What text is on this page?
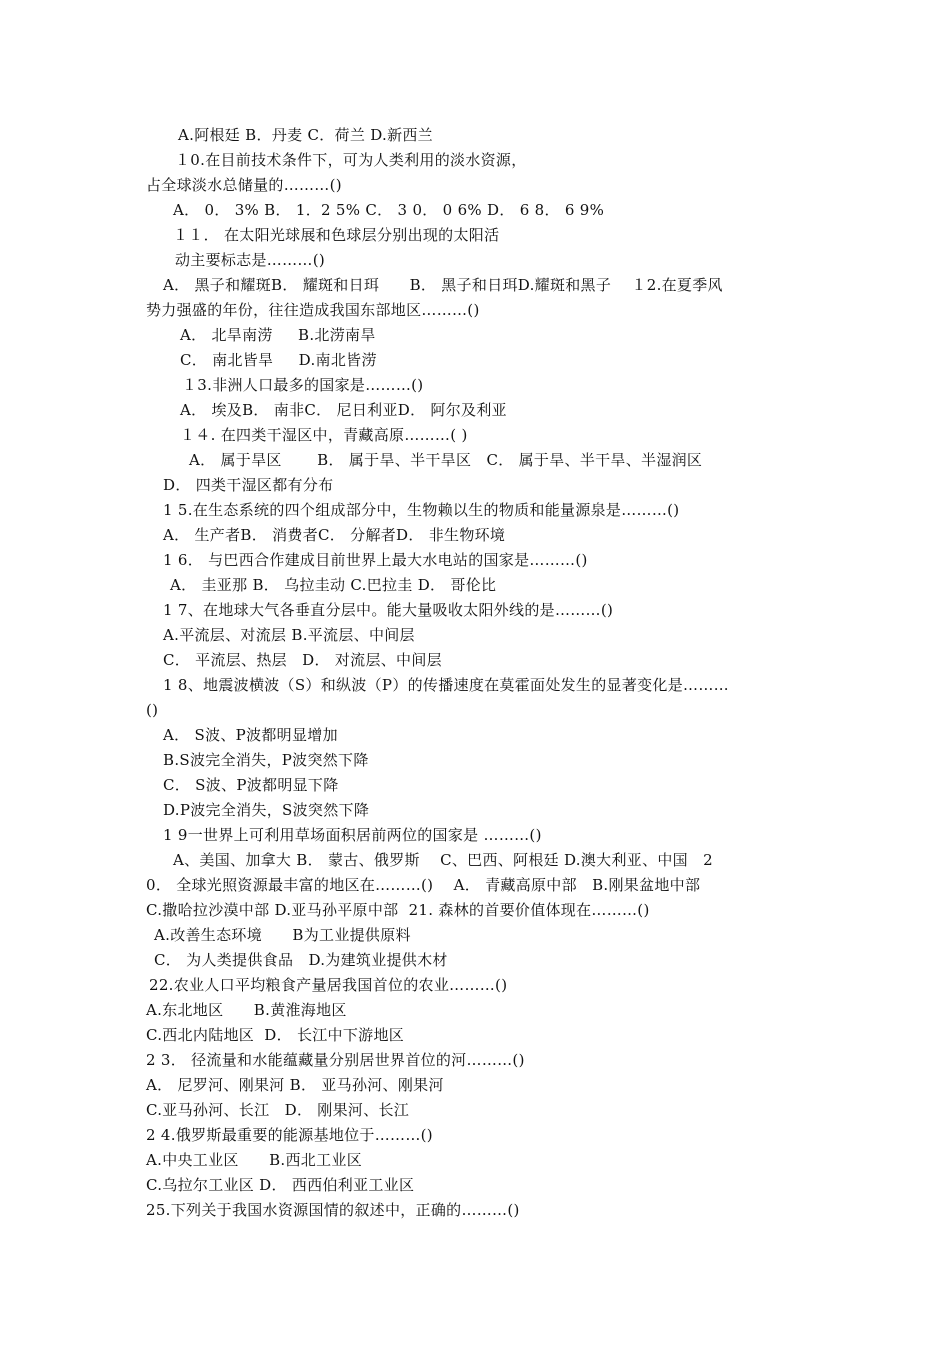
A.阿根廷 B．丹麦 C．荷兰 D.新西兰
１0.在目前技术条件下，可为人类利用的淡水资源，
占全球淡水总储量的………()
A． 0． 3% B． 1．2 5% C． 3 0． 0 6% D． 6 8． 6 9%
１１． 在太阳光球展和色球层分别出现的太阳活
动主要标志是………()
A． 黑子和耀斑B． 耀斑和日珥      B． 黑子和日珥D.耀斑和黑子    １2.在夏季风
势力强盛的年份，往往造成我国东部地区………()
A． 北旱南涝     B.北涝南旱
C． 南北皆旱     D.南北皆涝
１3.非洲人口最多的国家是………()
A． 埃及B． 南非C． 尼日利亚D． 阿尔及利亚
１４. 在四类干湿区中，青藏高原………( )
A． 属于旱区       B． 属于旱、半干旱区   C． 属于旱、半干旱、半湿润区
D． 四类干湿区都有分布
1 5.在生态系统的四个组成部分中，生物赖以生的物质和能量源泉是………()
A． 生产者B． 消费者C． 分解者D． 非生物环境
1 6． 与巴西合作建成目前世界上最大水电站的国家是………()
A． 圭亚那 B． 乌拉圭动 C.巴拉圭 D． 哥伦比
1 7、在地球大气各垂直分层中。能大量吸收太阳外线的是………()
A.平流层、对流层 B.平流层、中间层
C． 平流层、热层   D． 对流层、中间层
1 8、地震波横波（S）和纵波（P）的传播速度在莫霍面处发生的显著变化是………
()
A． S波、P波都明显增加
B.S波完全消失，P波突然下降
C． S波、P波都明显下降
D.P波完全消失，S波突然下降
1 9一世界上可利用草场面积居前两位的国家是 ………()
A、美国、加拿大 B． 蒙古、俄罗斯    C、巴西、阿根廷 D.澳大利亚、中国   2
0． 全球光照资源最丰富的地区在………()    A． 青藏高原中部   B.刚果盆地中部
C.撒哈拉沙漠中部 D.亚马孙平原中部  21. 森林的首要价值体现在………()
A.改善生态环境      B为工业提供原料
C． 为人类提供食品   D.为建筑业提供木材
22.农业人口平均粮食产量居我国首位的农业………()
A.东北地区      B.黄淮海地区
C.西北内陆地区  D． 长江中下游地区
2 3． 径流量和水能蕴藏量分别居世界首位的河………()
A． 尼罗河、刚果河 B． 亚马孙河、刚果河
C.亚马孙河、长江   D． 刚果河、长江
2 4.俄罗斯最重要的能源基地位于………()
A.中央工业区      B.西北工业区
C.乌拉尔工业区 D． 西西伯利亚工业区
25.下列关于我国水资源国情的叙述中，正确的………()
